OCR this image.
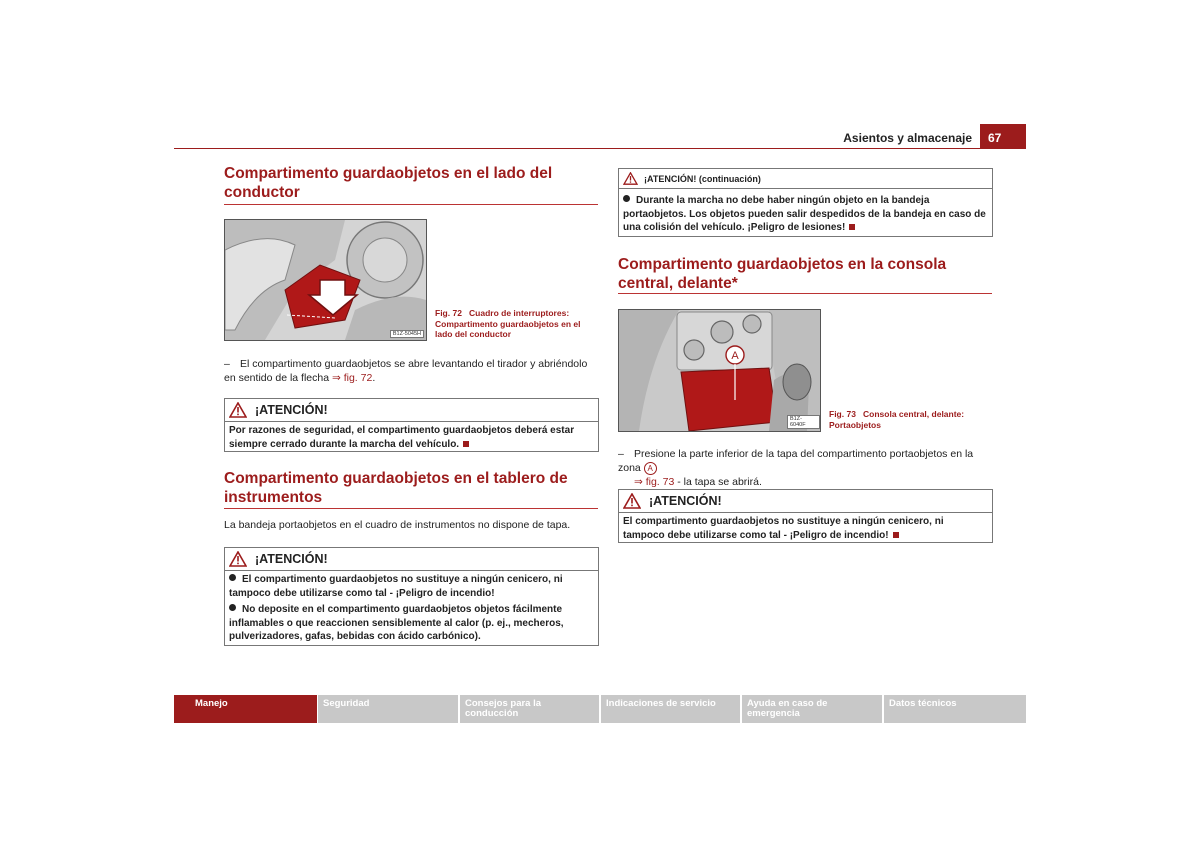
Asientos y almacenaje	67
Compartimento guardaobjetos en el lado del conductor
B1Z-5045H
Fig. 72 Cuadro de interruptores: Compartimento guardaobjetos en el lado del conductor
– El compartimento guardaobjetos se abre levantando el tirador y abriéndolo en sentido de la flecha ⇒ fig. 72.
¡ATENCIÓN!
Por razones de seguridad, el compartimento guardaobjetos deberá estar siempre cerrado durante la marcha del vehículo.
Compartimento guardaobjetos en el tablero de instrumentos
La bandeja portaobjetos en el cuadro de instrumentos no dispone de tapa.
¡ATENCIÓN!
El compartimento guardaobjetos no sustituye a ningún cenicero, ni tampoco debe utilizarse como tal - ¡Peligro de incendio!
No deposite en el compartimento guardaobjetos objetos fácilmente inflamables o que reaccionen sensiblemente al calor (p. ej., mecheros, pulverizadores, gafas, bebidas con ácido carbónico).
¡ATENCIÓN! (continuación)
Durante la marcha no debe haber ningún objeto en la bandeja portaobjetos. Los objetos pueden salir despedidos de la bandeja en caso de una colisión del vehículo. ¡Peligro de lesiones!
Compartimento guardaobjetos en la consola central, delante*
A
B1Z-6040F
Fig. 73 Consola central, delante: Portaobjetos
– Presione la parte inferior de la tapa del compartimento portaobjetos en la zona A
⇒ fig. 73 - la tapa se abrirá.
¡ATENCIÓN!
El compartimento guardaobjetos no sustituye a ningún cenicero, ni tampoco debe utilizarse como tal - ¡Peligro de incendio!
Manejo	Seguridad	Consejos para la conducción
Indicaciones de servicio	Ayuda en caso de emergencia
Datos técnicos
